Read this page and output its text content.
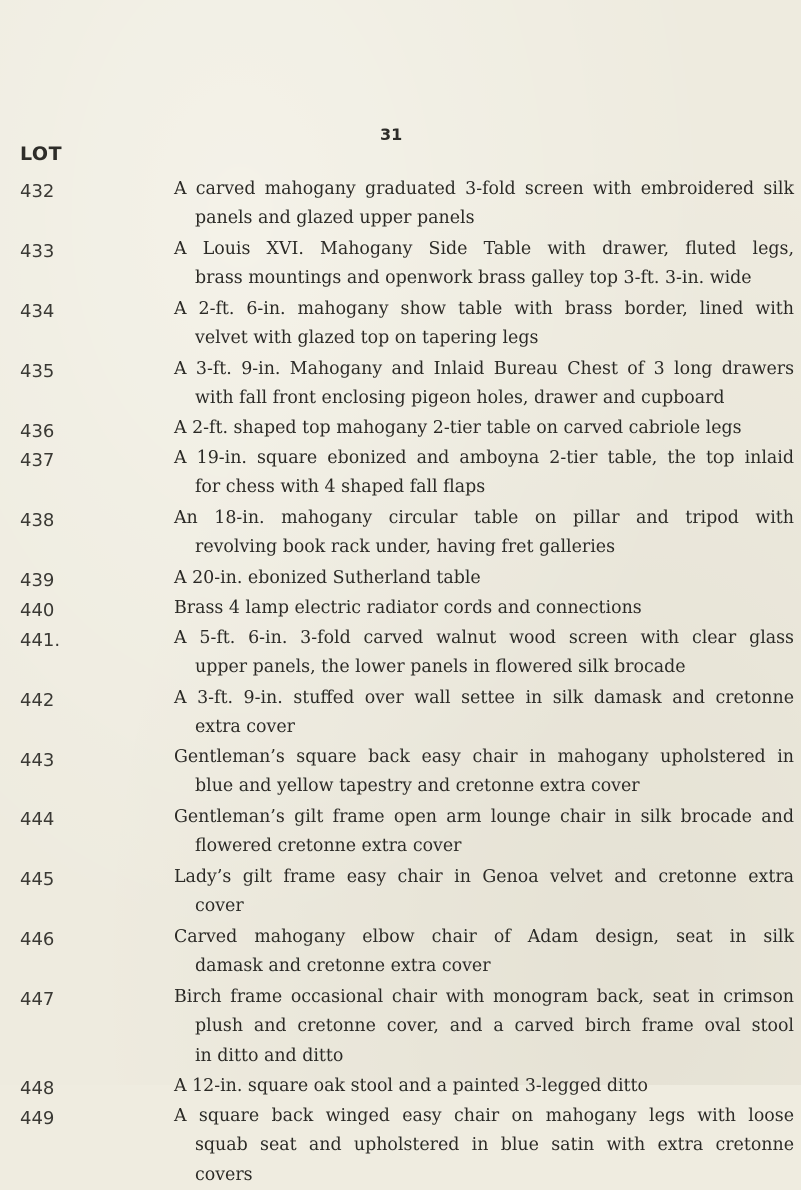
LOT
31
432	A carved mahogany graduated 3-fold screen with embroidered silk
panels and glazed upper panels
433	A Louis XVI. Mahogany Side Table with drawer, fluted legs,
brass mountings and openwork brass galley top 3-ft. 3-in. wide
434	A 2-ft. 6-in. mahogany show table with brass border, lined with
velvet with glazed top on tapering legs
435	A 3-ft. 9-in. Mahogany and Inlaid Bureau Chest of 3 long drawers
with fall front enclosing pigeon holes, drawer and cupboard
436	A 2-ft. shaped top mahogany 2-tier table on carved cabriole legs
437	A 19-in. square ebonized and amboyna 2-tier table, the top inlaid
for chess with 4 shaped fall flaps
438	An 18-in. mahogany circular table on pillar and tripod with
revolving book rack under, having fret galleries
439	A 20-in. ebonized Sutherland table
440	Brass 4 lamp electric radiator cords and connections
441.	A 5-ft. 6-in. 3-fold carved walnut wood screen with clear glass
upper panels, the lower panels in flowered silk brocade
442	A 3-ft. 9-in. stuffed over wall settee in silk damask and cretonne
extra cover
443	Gentleman’s square back easy chair in mahogany upholstered in
blue and yellow tapestry and cretonne extra cover
444	Gentleman’s gilt frame open arm lounge chair in silk brocade and
flowered cretonne extra cover
445	Lady’s gilt frame easy chair in Genoa velvet and cretonne extra
cover
446	Carved mahogany elbow chair of Adam design, seat in silk
damask and cretonne extra cover
447	Birch frame occasional chair with monogram back, seat in crimson
plush and cretonne cover, and a carved birch frame oval stool
in ditto and ditto
448	A 12-in. square oak stool and a painted 3-legged ditto
449	A square back winged easy chair on mahogany legs with loose
squab seat and upholstered in blue satin with extra cretonne
covers
